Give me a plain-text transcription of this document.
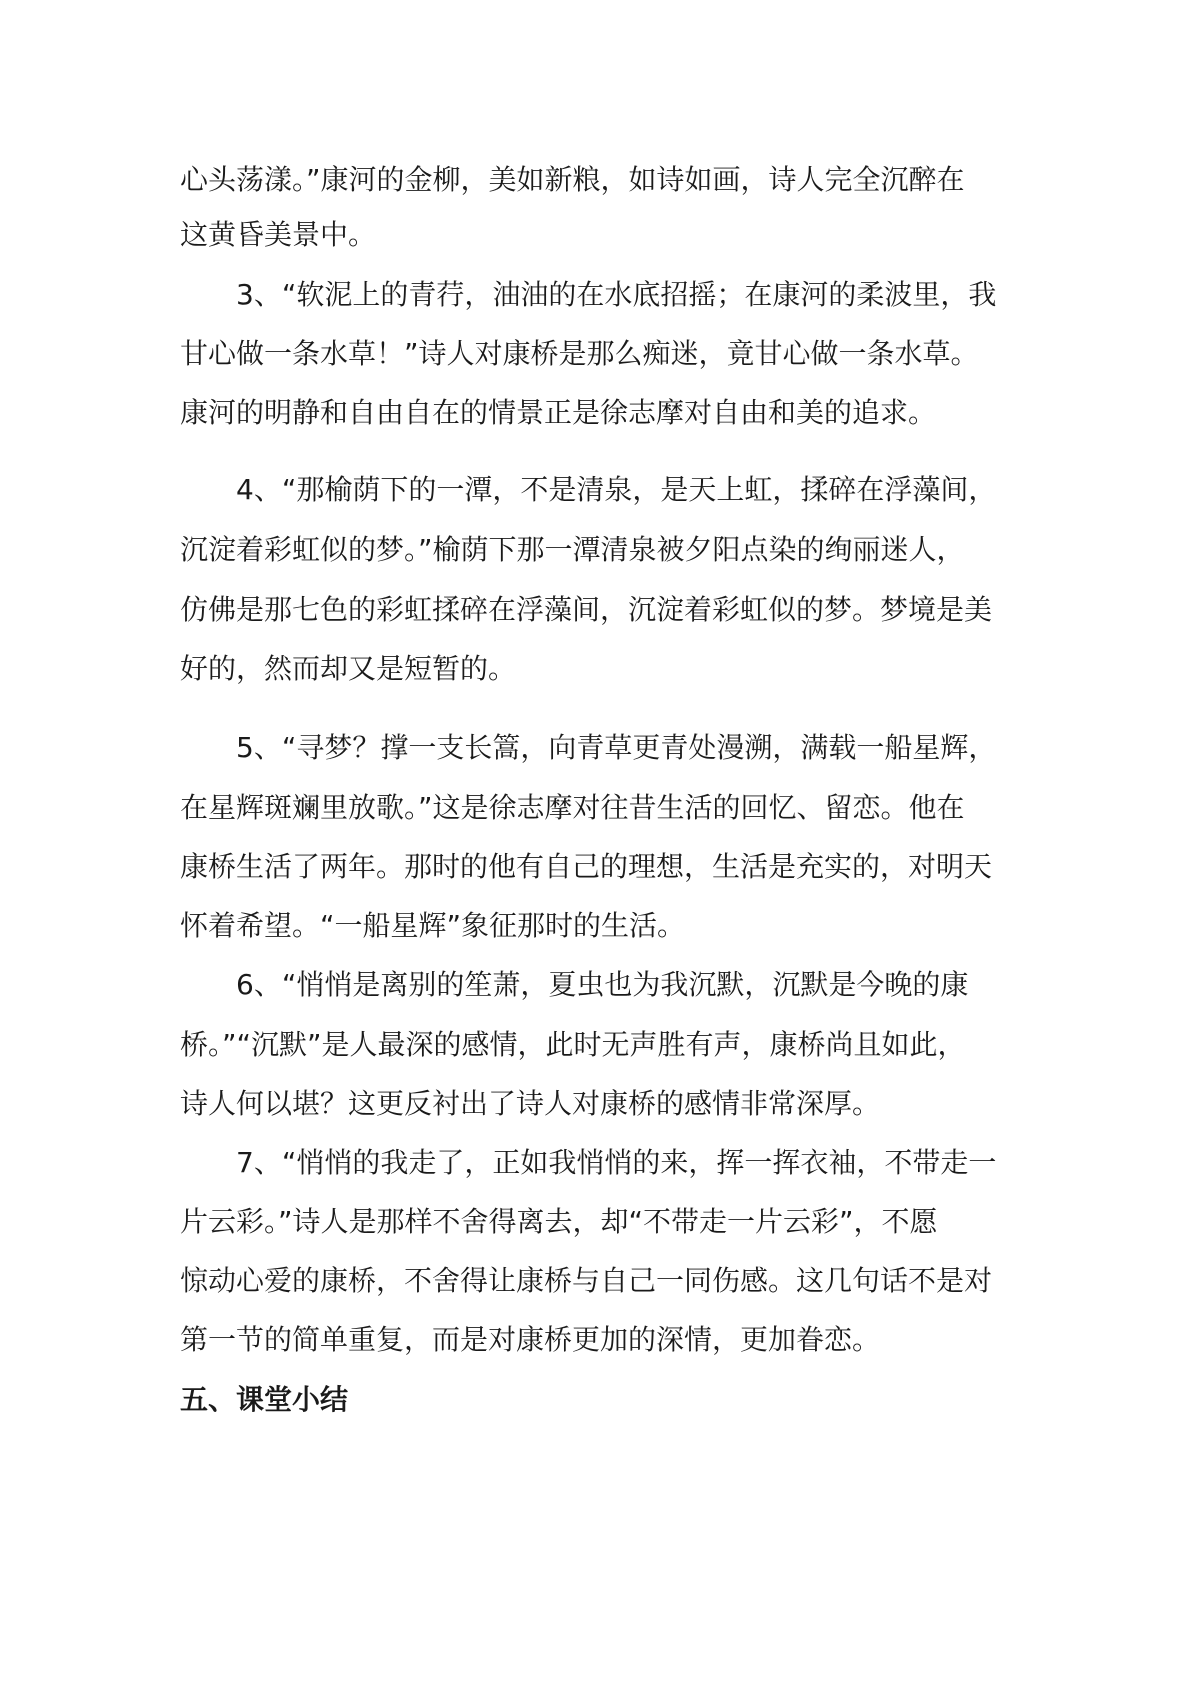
心头荡漾。”康河的金柳，美如新粮，如诗如画，诗人完全沉醉在
这黄昏美景中。
3、“软泥上的青荇，油油的在水底招摇；在康河的柔波里，我
甘心做一条水草！”诗人对康桥是那么痴迷，竟甘心做一条水草。
康河的明静和自由自在的情景正是徐志摩对自由和美的追求。
4、“那榆荫下的一潭，不是清泉，是天上虹，揉碎在浮藻间，
沉淀着彩虹似的梦。”榆荫下那一潭清泉被夕阳点染的绚丽迷人，
仿佛是那七色的彩虹揉碎在浮藻间，沉淀着彩虹似的梦。梦境是美
好的，然而却又是短暂的。
5、“寻梦？撑一支长篙，向青草更青处漫溯，满载一船星辉，
在星辉斑斓里放歌。”这是徐志摩对往昔生活的回忆、留恋。他在
康桥生活了两年。那时的他有自己的理想，生活是充实的，对明天
怀着希望。“一船星辉”象征那时的生活。
6、“悄悄是离别的笙萧，夏虫也为我沉默，沉默是今晚的康
桥。”“沉默”是人最深的感情，此时无声胜有声，康桥尚且如此，
诗人何以堪？这更反衬出了诗人对康桥的感情非常深厚。
7、“悄悄的我走了，正如我悄悄的来，挥一挥衣袖，不带走一
片云彩。”诗人是那样不舍得离去，却“不带走一片云彩”，不愿
惊动心爱的康桥，不舍得让康桥与自己一同伤感。这几句话不是对
第一节的简单重复，而是对康桥更加的深情，更加眷恋。
五、课堂小结
